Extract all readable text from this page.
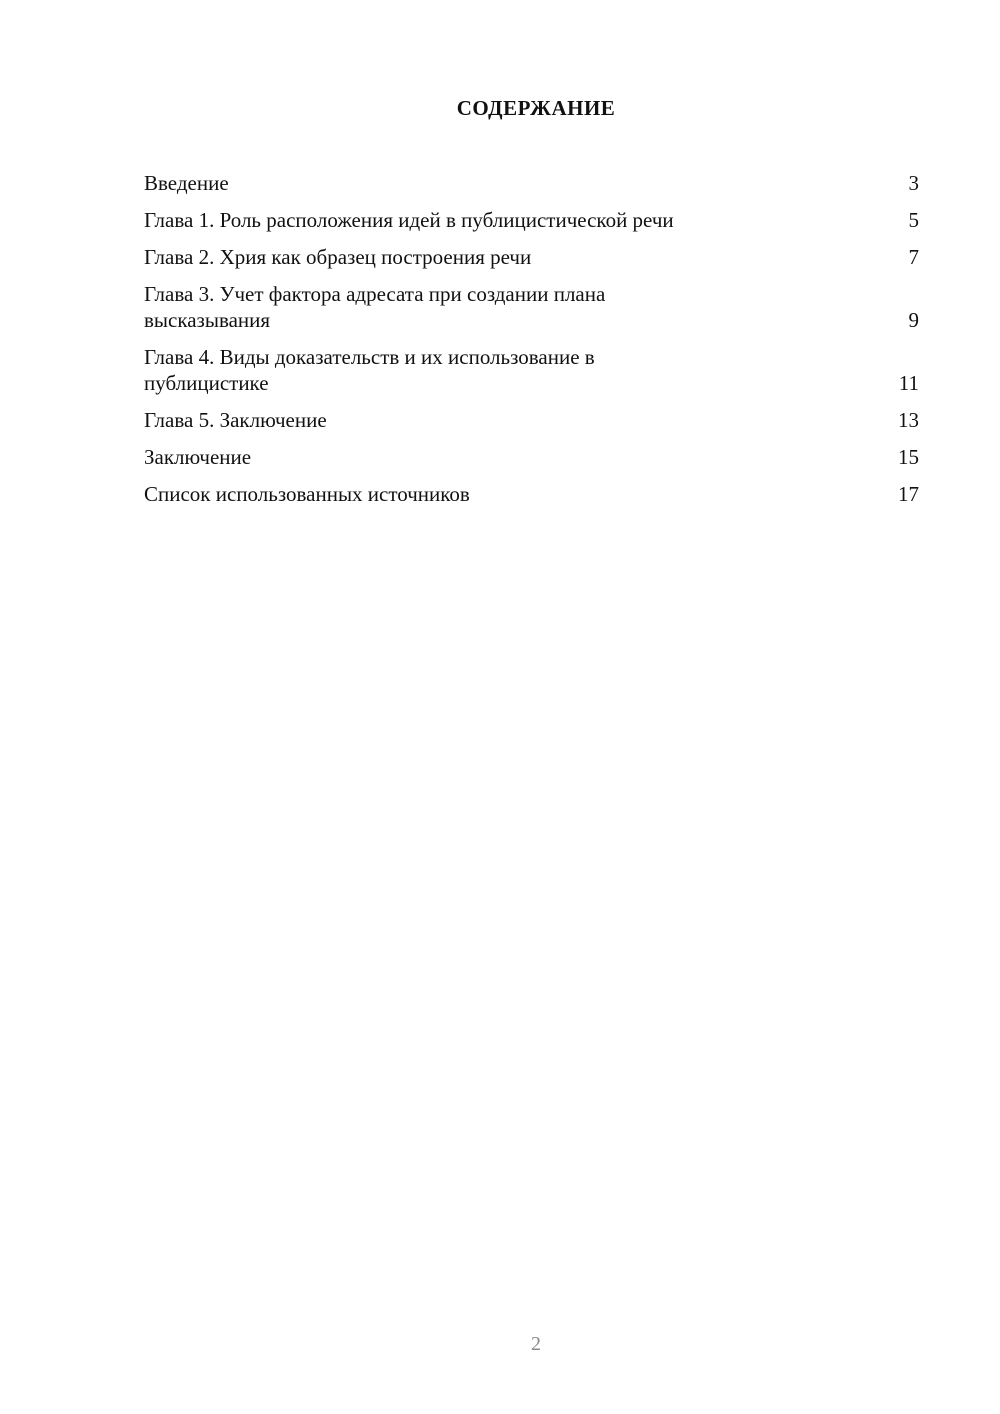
СОДЕРЖАНИЕ
Введение	3
Глава 1. Роль расположения идей в публицистической речи	5
Глава 2. Хрия как образец построения речи	7
Глава 3. Учет фактора адресата при создании плана высказывания	9
Глава 4. Виды доказательств и их использование в публицистике	11
Глава 5. Заключение	13
Заключение	15
Список использованных источников	17
2
